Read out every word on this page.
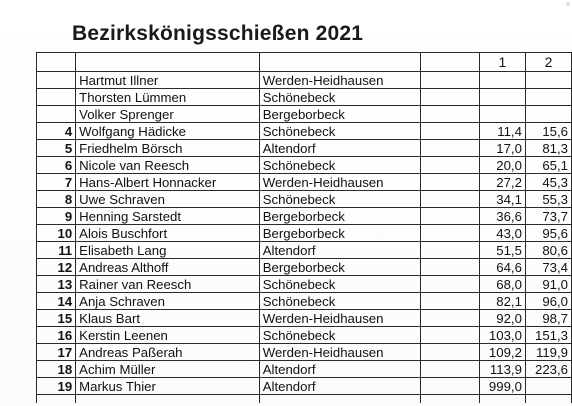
Bezirkskönigsschießen 2021
				1	2
	Hartmut Illner	Werden-Heidhausen			
	Thorsten Lümmen	Schönebeck			
	Volker Sprenger	Bergeborbeck			
4	Wolfgang Hädicke	Schönebeck		11,4	15,6
5	Friedhelm Börsch	Altendorf		17,0	81,3
6	Nicole van Reesch	Schönebeck		20,0	65,1
7	Hans-Albert Honnacker	Werden-Heidhausen		27,2	45,3
8	Uwe Schraven	Schönebeck		34,1	55,3
9	Henning Sarstedt	Bergeborbeck		36,6	73,7
10	Alois Buschfort	Bergeborbeck		43,0	95,6
11	Elisabeth Lang	Altendorf		51,5	80,6
12	Andreas Althoff	Bergeborbeck		64,6	73,4
13	Rainer van Reesch	Schönebeck		68,0	91,0
14	Anja Schraven	Schönebeck		82,1	96,0
15	Klaus Bart	Werden-Heidhausen		92,0	98,7
16	Kerstin Leenen	Schönebeck		103,0	151,3
17	Andreas Paßerah	Werden-Heidhausen		109,2	119,9
18	Achim Müller	Altendorf		113,9	223,6
19	Markus Thier	Altendorf		999,0	
